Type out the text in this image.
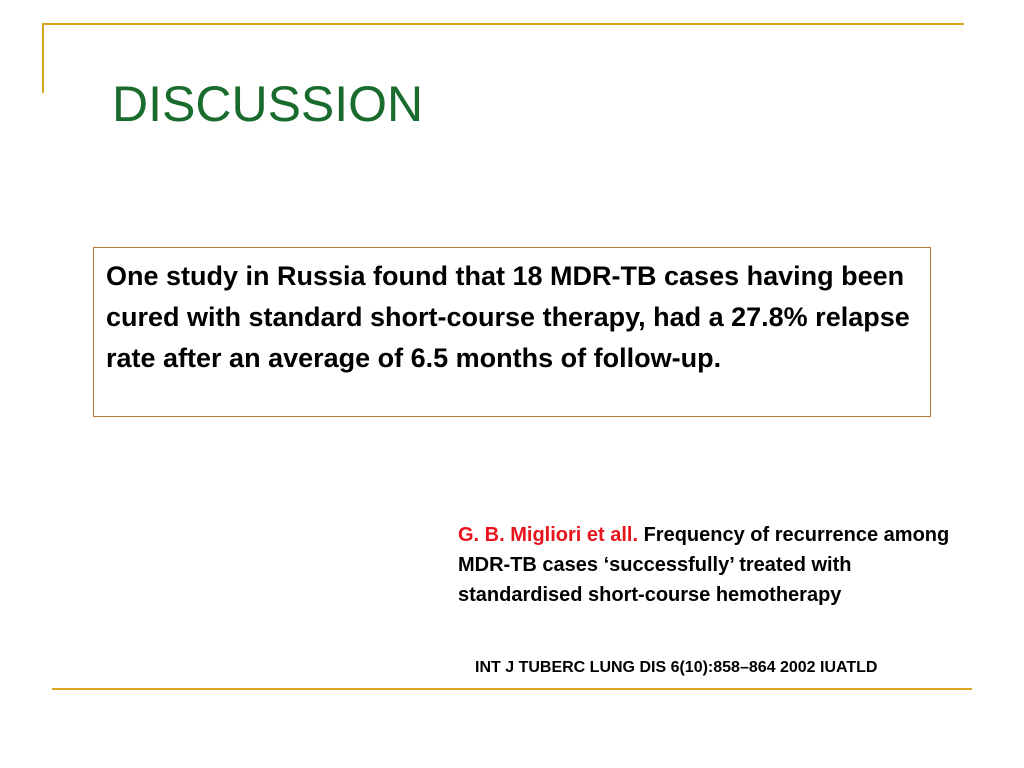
DISCUSSION

One study in Russia found that 18 MDR-TB cases having been cured with standard short-course therapy, had a 27.8% relapse rate after an average of 6.5 months of follow-up.

G. B. Migliori et all. Frequency of recurrence among MDR-TB cases ‘successfully’ treated with standardised short-course hemotherapy

INT J TUBERC LUNG DIS 6(10):858–864 2002 IUATLD
